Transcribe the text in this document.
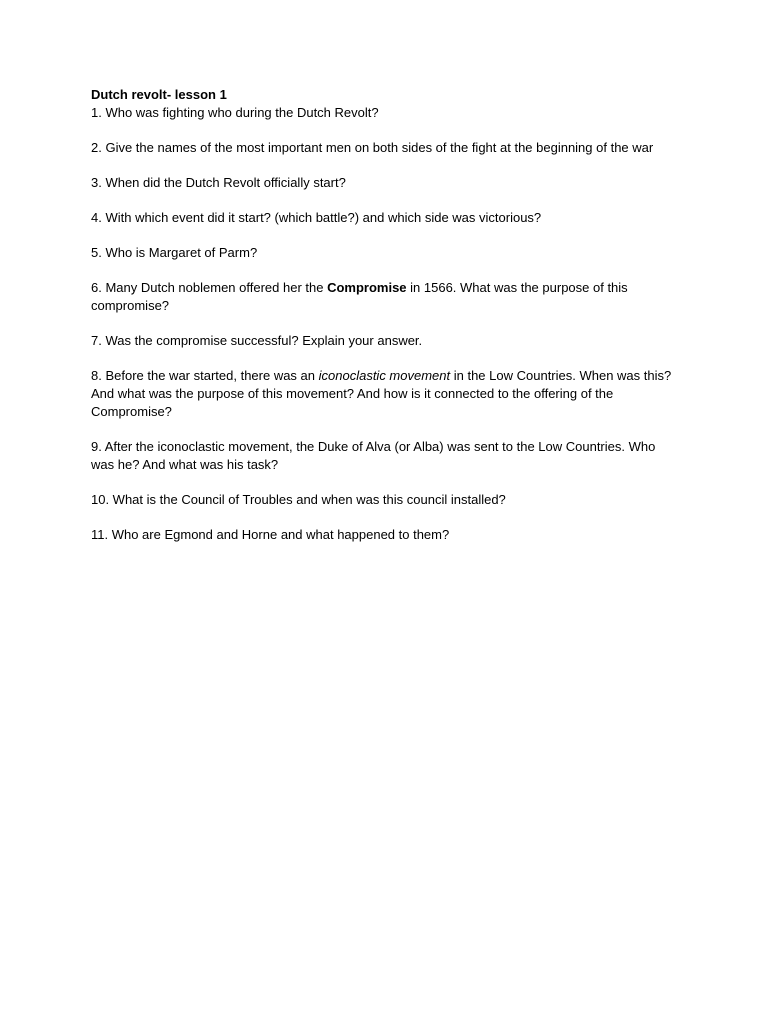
Dutch revolt- lesson 1

1. Who was fighting who during the Dutch Revolt?

2. Give the names of the most important men on both sides of the fight at the beginning of the war

3. When did the Dutch Revolt officially start?

4. With which event did it start? (which battle?) and which side was victorious?

5. Who is Margaret of Parm?

6. Many Dutch noblemen offered her the Compromise in 1566. What was the purpose of this compromise?

7. Was the compromise successful? Explain your answer.

8. Before the war started, there was an iconoclastic movement in the Low Countries. When was this? And what was the purpose of this movement? And how is it connected to the offering of the Compromise?

9. After the iconoclastic movement, the Duke of Alva (or Alba) was sent to the Low Countries. Who was he? And what was his task?

10. What is the Council of Troubles and when was this council installed?

11. Who are Egmond and Horne and what happened to them?
